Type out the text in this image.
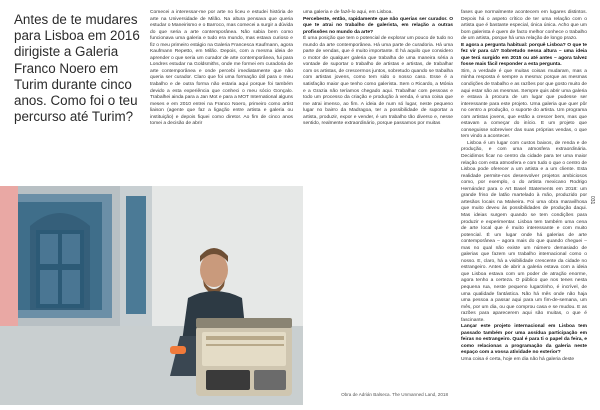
Antes de te mudares para Lisboa em 2016 dirigiste a Galeria Franco Noero em Turim durante cinco anos. Como foi o teu percurso até Turim?

Comecei a interessar-me por arte no liceu e estudei história de arte na Universidade de Milão. Na altura pensava que queria estudar o Maneirismo e o Barroco, mas comecei a surgir a dúvida do que seria a arte contemporânea. Não sabia bem como funcionava uma galeria e tudo era mundo, mas estava curioso e fiz o meu primeiro estágio na Galeria Francesca Kaufmann, agora Kaufmann Repetto, em Milão. Depois, com a mesma ideia de aprender o que seria um curador de arte contemporânea, fui para Londres estudar na Goldsmiths, onde me formei em curadoria de arte contemporânea e onde percebi imediatamente que não queria ser curador. Claro que foi uma formação útil para o meu trabalho e de outra forma não estaria aqui porque foi também devido a esta experiência que conheci o meu sócio Gonçalo. Trabalhei ainda para a Jan Mot e para a MOT International alguns meses e em 2010 entrei na Franco Noero, primeiro como artist liaison (agente que faz a ligação entre artista e galeria ou instituição) e depois fiquei como diretor. Ao fim de cinco anos tomei a decisão de abrir

uma galeria e de fazê-lo aqui, em Lisboa.

Percebeste, então, rapidamente que não querias ser curador. O que te atrai no trabalho de galerista, em relação a outras profissões no mundo da arte?

É uma posição que tem o potencial de explorar um pouco de tudo no mundo da arte contemporânea. Há uma parte de curadoria. Há uma parte de vendas, que é muito importante. É há aquilo que considero o motor de qualquer galeria que trabalha de uma maneira séria a vontade de suportar o trabalho de artistas e artistas, de trabalhar com os artistas, de crescermos juntos, sobretudo quando se trabalha com artistas jovens, como tem sido o nosso caso. Esse é a satisfação maior que tenho como galerista. Sem o Ricardo, a Mónia e a Grazia não teríamos chegado aqui. Trabalhar com pessoas e todo um processo da criação e produção à venda, é uma coisa que me atrai imenso, ao fim. A ideia de num só lugar, neste pequeno lugar no bairro da Madragoa, ter a possibilidade de suportar a artista, produzir, expor e vender, é um trabalho tão diverso e, nesse sentido, realmente extraordinário, porque passamos por muitas

fases que normalmente acontecem em lugares distintos. Depois há o aspeto crítico de ter uma relação com o artista que é bastante especial, ónica única. Acho que um bom galerista é quem de facto melhor conhece o trabalho de um artista, porque há uma relação de longo prazo.

E agora a pergunta habitual: porquê Lisboa? O que te fez vir para cá? Sobretudo nessa altura – uma ideia que terá surgido em 2015 ou até antes – agora talvez fosse mais fácil responder a esta pergunta.

Sim, a verdade é que muitas coisas mudaram, mas a minha resposta é sempre a mesma: porque as mesmas condições de trabalho e as razões por que gosto muito de aqui estar são as mesmas. Sempre quis abrir uma galeria e estava à procura de um lugar que pudesse ser interessante para este projeto. Uma galeria que quer pôr no centro a produção, o suporte do artista. Um programa com artistas jovens, que estão a crescer bem, mas que estavam a começar do início. E um projeto que conseguisse sobreviver das suas próprias vendas, o que tem vindo a acontecer.

Lisboa é um lugar com custos baixos, de renda e de produção, e com uma atmosfera extraordinária. Decidimos ficar no centro da cidade para ter uma maior relação com esta atmosfera e com tudo o que o centro de Lisboa pode oferecer a um artista e a um cliente. Esta realidade permite-nos desenvolver projetos ambiciosos como, por exemplo, o do artista mexicano Rodrigo Hernández para o Art Basel Statements em 2018: um grande friso de latão martelado à mão, produzido por artesãos locais na Malveira. Foi uma obra maravilhosa que muito deveu às possibilidades de produção daqui. Mas ideias surgem quando se tem condições para produzir e experimentar. Lisboa tem também uma cena de arte local que é muito interessante e com muito potencial. É um lugar onde há galerias de arte contemporânea – agora mais do que quando cheguei – mas no qual não existe um número demasiado de galerias que fazem um trabalho internacional como o nosso. E, claro, há a visibilidade crescente da cidade no estrangeiro. Antes de abrir a galeria estava com a ideia que Lisboa estava com um poder de atração enorme, agora tenho a certeza. O público que nos tenes nesta pequena rua, neste pequeno lugarzinho, é incrível, de uma qualidade fantástica. Não há mês onde não haja uma pessoa a passar aqui para um fim-de-semana, um mês, por um dia, ou que comprou casa e se mudou. E as razões para aparecerem aqui são muitas, o que é fascinante.

Lançar este projeto internacional em Lisboa tem passado também por uma assídua participação em feiras no estrangeiro. Qual é para ti o papel da feira, e como relacionas a programação da galeria neste espaço com a vossa atividade no exterior?

Uma coisa é certa, hoje em dia não há galeria deste

Obra de Adrián Balseca. The Unmanned Land, 2018
031
